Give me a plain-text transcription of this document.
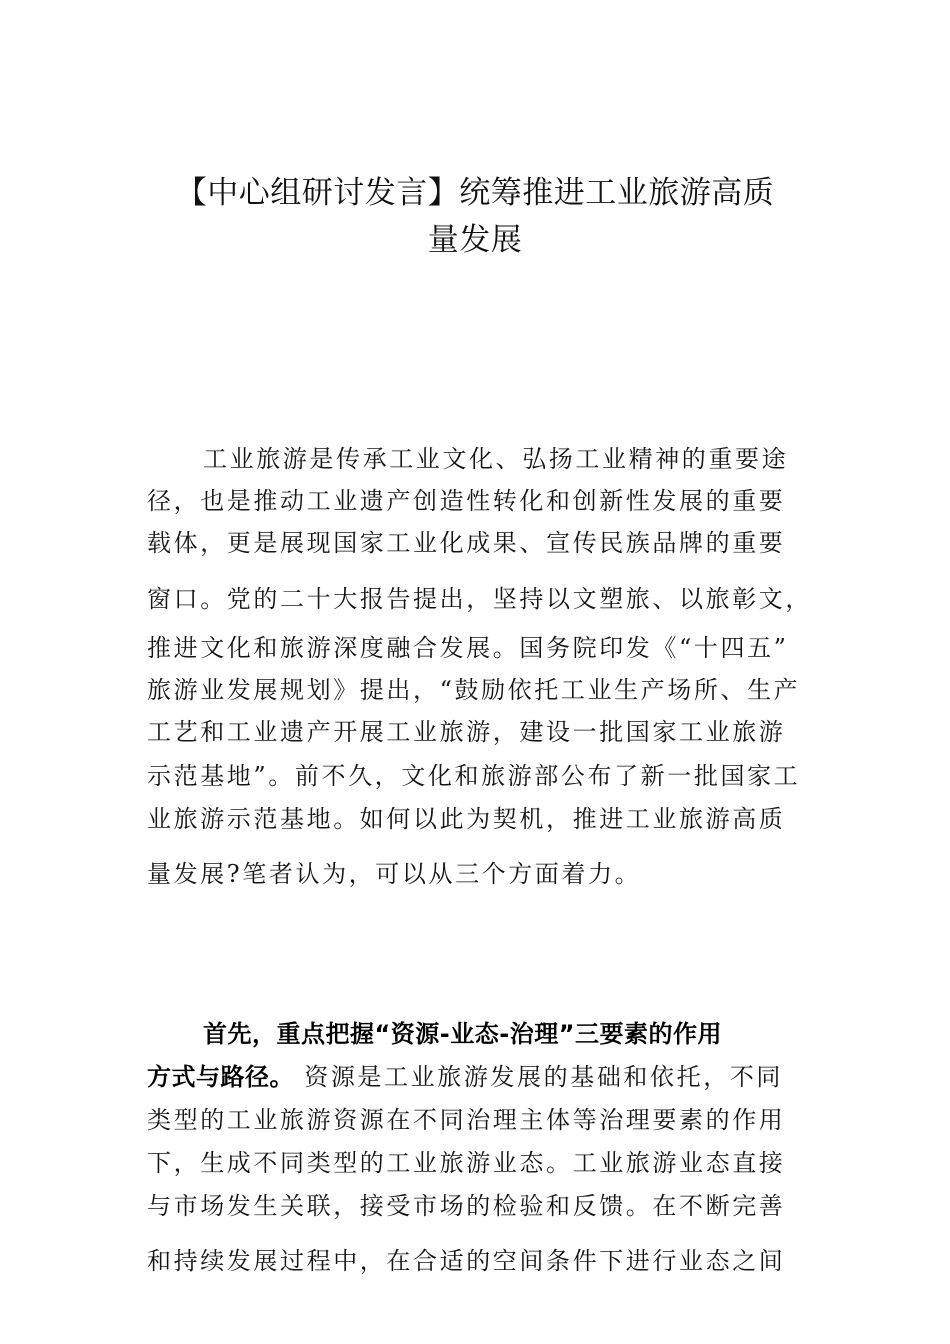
【中心组研讨发言】统筹推进工业旅游高质
量发展
工业旅游是传承工业文化、弘扬工业精神的重要途
径，也是推动工业遗产创造性转化和创新性发展的重要
载体，更是展现国家工业化成果、宣传民族品牌的重要
窗口。党的二十大报告提出，坚持以文塑旅、以旅彰文，
推进文化和旅游深度融合发展。国务院印发《“十四五”
旅游业发展规划》提出，“鼓励依托工业生产场所、生产
工艺和工业遗产开展工业旅游，建设一批国家工业旅游
示范基地”。前不久，文化和旅游部公布了新一批国家工
业旅游示范基地。如何以此为契机，推进工业旅游高质
量发展?笔者认为，可以从三个方面着力。
首先，重点把握“资源-业态-治理”三要素的作用
方式与路径。 资源是工业旅游发展的基础和依托，不同
类型的工业旅游资源在不同治理主体等治理要素的作用
下，生成不同类型的工业旅游业态。工业旅游业态直接
与市场发生关联，接受市场的检验和反馈。在不断完善
和持续发展过程中，在合适的空间条件下进行业态之间
